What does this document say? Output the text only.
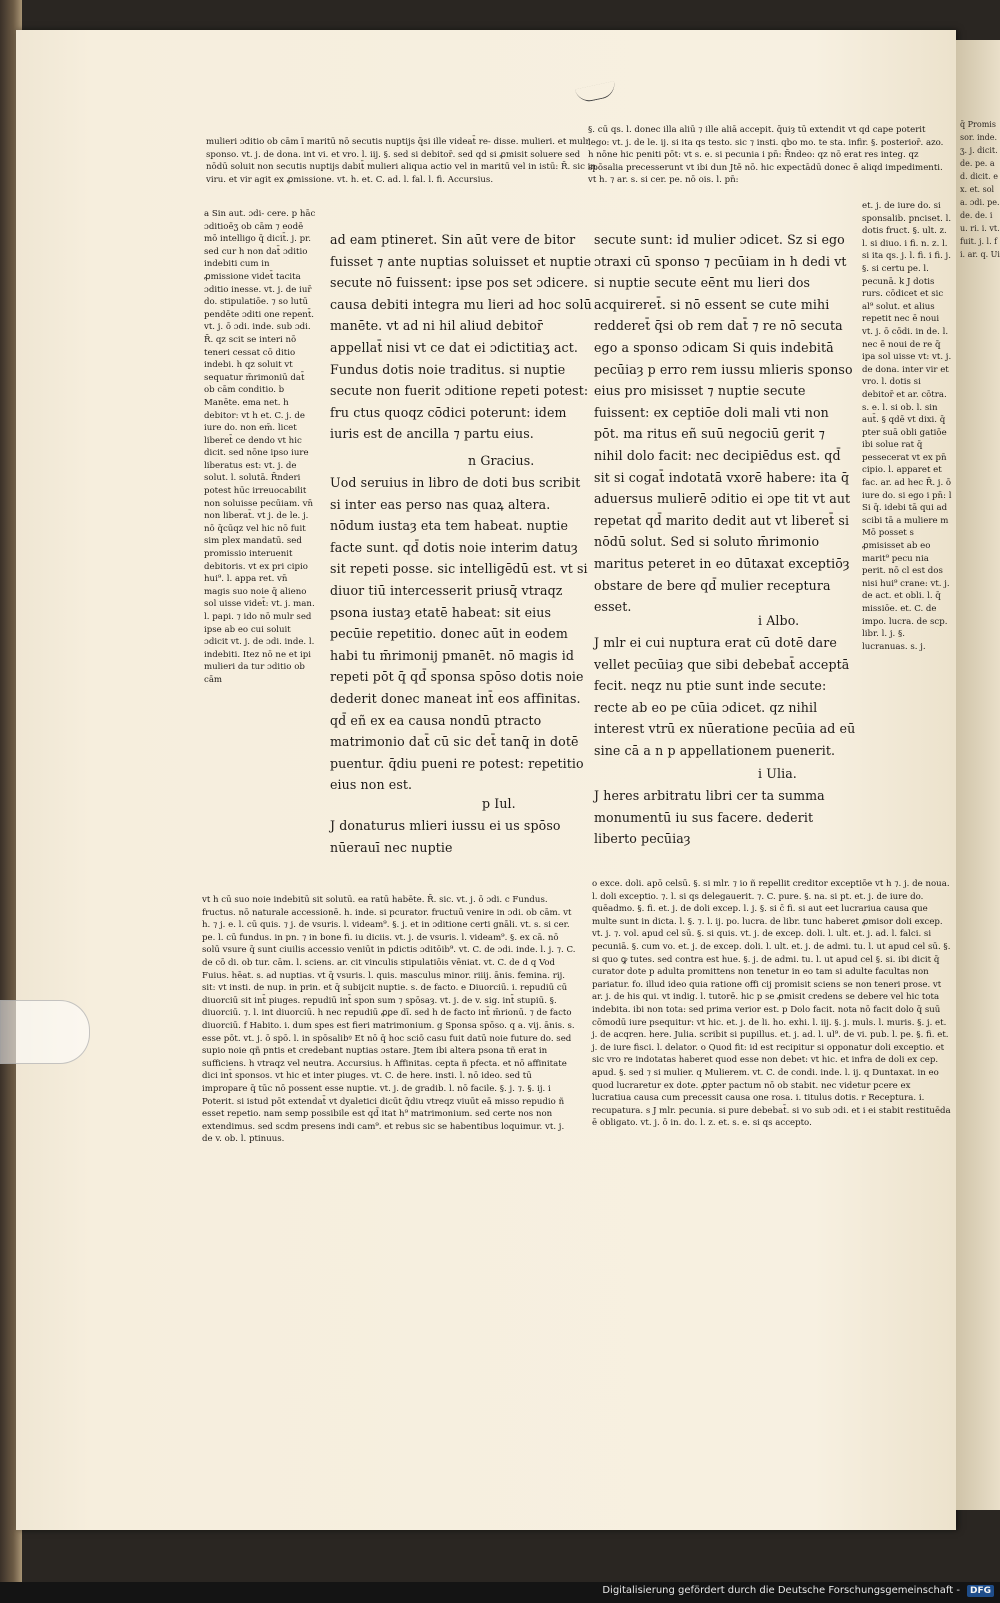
mulieri ɔditio ob cām ī maritū nō secutis nuptijs q̄si ille videat̄ re- disse. mulieri. et mulr sponso. vt. j. de dona. int vi. et vro. l. iij. §. sed si debitor̄. sed qd si ꝓmisit soluere sed nōdū soluit non secutis nuptijs dabit̄ mulieri aliqua actio vel in maritū vel in istū: R̄. sic in viru. et vir agit ex ꝓmissione. vt. h. et. C. ad. l. fal. l. fi. Accursius.

a Sin aut. ɔdi- cere. p hāc ɔditioēʒ ob cām ⁊ eodē mō intelligo q̄ dicit̄. j. pr. sed cur h non dat̄ ɔditio indebiti cum in ꝓmissione videt̄ tacita ɔditio inesse. vt. j. de iur̄ do. stipulatiōe. ⁊ so lutū pendēte ɔditi one repent̄. vt. j. ō ɔdi. inde. sub ɔdi. R̄. qz scit se interi nō teneri cessat cō ditio indebi. h qz soluit vt sequatur m̄rimoniū dat̄ ob cām conditio. b Manēte. ema net. h debitor: vt h et. C. j. de iure do. non em̄. licet liberet̄ ce dendo vt hic dicit. sed nōne ipso iure liberatus est: vt. j. de solut. l. solutā. R̄nderi potest hūc irreuocabilit non soluisse pecūiam. vn̄ non liberat̄. vt j. de le. j. nō q̄cūqz vel hic nō fuit sim plex mandatū. sed promissio interuenit debitoris. vt ex pri cipio hui⁹. l. appa ret. vn̄ magis suo noie q̄ alieno sol uisse videt̄: vt. j. man. l. papi. ⁊ ido nō mulr sed ipse ab eo cui soluit ɔdicit vt. j. de ɔdi. inde. l. indebiti. Itez nō ne et ipi mulieri da tur ɔditio ob cām

ad eam ptineret. Sin aūt vere de bitor fuisset ⁊ ante nuptias soluisset et nuptie secute nō fuissent: ipse pos set ɔdicere. causa debiti integra mu lieri ad hoc solū manēte. vt ad ni hil aliud debitor̄ appellat̄ nisi vt ce dat ei ɔdictitiaʒ act. Fundus dotis noie traditus. si nuptie secute non fuerit ɔditione repeti potest: fru ctus quoqz cōdici poterunt: idem iuris est de ancilla ⁊ partu eius.

n Gracius.

Uod seruius in libro de doti bus scribit si inter eas perso nas quaꝝ altera. nōdum iustaȝ eta tem habeat. nuptie facte sunt. qd̄ dotis noie interim datuȝ sit repeti posse. sic intelligēdū est. vt si diuor tiū intercesserit priusq̄ vtraqz psona iustaȝ etatē habeat: sit eius pecūie repetitio. donec aūt in eodem habi tu m̄rimonij pmanēt. nō magis id repeti pōt q̄ qd̄ sponsa spōso dotis noie dederit donec maneat int̄ eos affinitas. qd̄ eñ ex ea causa nondū ptracto matrimonio dat̄ cū sic det̄ tanq̄ in dotē puentur. q̄diu pueni re potest: repetitio eius non est.

p Iul.

J donaturus mlieri iussu ei us spōso nūerauī nec nuptie

§. cū qs. l. donec illa aliū ⁊ ille aliā accepit. q̄uiȝ tū extendit vt qd cape poterit lego: vt. j. de le. ij. si ita qs testo. sic ⁊ insti. qbo mo. te sta. infir. §. posterior̄. azo. h nōne hic peniti pōt: vt s. e. si pecunia i pn̄: R̄ndeo: qz nō erat res integ. qz spōsalia precesserunt vt ibi dun Jtē nō. hic expectādū donec ē aliqd impedimenti. vt h. ⁊ ar. s. si cer. pe. nō ois. l. pn̄:

secute sunt: id mulier ɔdicet. Sz si ego ɔtraxi cū sponso ⁊ pecūiam in h dedi vt si nuptie secute eēnt mu lieri dos acquireret̄. si nō essent se cute mihi redderet̄ q̄si ob rem dat̄ ⁊ re nō secuta ego a sponso ɔdicam Si quis indebitā pecūiaȝ p erro rem iussu mlieris sponso eius pro misisset ⁊ nuptie secute fuissent: ex ceptiōe doli mali vti non pōt. ma ritus eñ suū negociū gerit ⁊ nihil dolo facit: nec decipiēdus est. qd̄ sit si cogat̄ indotatā vxorē habere: ita q̄ aduersus mulierē ɔditio ei ɔpe tit vt aut repetat qd̄ marito dedit aut vt liberet̄ si nōdū solut. Sed si soluto m̄rimonio maritus peteret in eo dūtaxat exceptiōȝ obstare de bere qd̄ mulier receptura esset.

i Albo.

J mlr ei cui nuptura erat cū dotē dare vellet pecūiaȝ que sibi debebat̄ acceptā fecit. neqz nu ptie sunt inde secute: recte ab eo pe cūia ɔdicet. qz nihil interest vtrū ex nūeratione pecūia ad eū sine cā a n p appellationem puenerit.

i Ulia.

J heres arbitratu libri cer ta summa monumentū iu sus facere. dederit liberto pecūiaȝ

et. j. de iure do. si sponsalib. pnciset. l. dotis fruct. §. ult. z. l. si diuo. i fi. n. z. l. si ita qs. j. l. fi. i fi. j. §. si certu pe. l. pecunā. k J dotis rurs. cōdicet et sic al⁹ solut. et alius repetit nec ē noui vt. j. ō cōdi. in de. l. nec ē noui de re q̄ ipa sol uisse vt: vt. j. de dona. inter vir et vro. l. dotis si debitor̄ et ar. cōtra. s. e. l. si ob. l. sin aut̄. § qdē vt dixi. q̄ pter suā obli gatiōe ibi solue rat q̄ pessecerat vt ex pn̄ cipio. l. apparet et fac. ar. ad hec R̄. j. ō iure do. si ego i pn̄: l Si q̄. idebi tā qui ad scibi tā a muliere m Mō posset s ꝓmisisset ab eo marit⁹ pecu nia perit. nō cl est dos nisi hui⁹ crane: vt. j. de act. et obli. l. q̄ missiōe. et. C. de impo. lucra. de scp. libr. l. j. §. lucranuas. s. j.

vt h cū suo noie indebitū sit solutū. ea ratū habēte. R̄. sic. vt. j. ō ɔdi. c Fundus. fructus. nō naturale accessionē. h. inde. si pcurator. fructuū venire in ɔdi. ob cām. vt h. ⁊ j. e. l. cū quis. ⁊ j. de vsuris. l. videam⁹. §. j. et in ɔditione certi gnāli. vt. s. si cer. pe. l. cū fundus. in pn. ⁊ in bone fi. iu diciis. vt. j. de vsuris. l. videam⁹. §. ex cā. nō solū vsure q̄ sunt ciuilis accessio veniūt in pdictis ɔditōib⁹. vt. C. de ɔdi. inde. l. j. ⁊. C. de cō di. ob tur. cām. l. sciens. ar. cit vinculis stipulatiōis vēniat. vt. C. de d q Vod Fuius. hēat. s. ad nuptias. vt q̄ vsuris. l. quis. masculus minor. riiij. ānis. femina. rij. sit: vt insti. de nup. in prin. et q̄ subijcit nuptie. s. de facto. e Diuorciū. i. repudiū cū diuorciū sit int̄ piuges. repudiū int̄ spon sum ⁊ spōsaȝ. vt. j. de v. sig. int̄ stupiū. §. diuorciū. ⁊. l. int diuorciū. h nec repudiū ꝓꝑe dī. sed h de facto int̄ m̄rionū. ⁊ de facto diuorciū. f Habito. i. dum spes est fieri matrimonium. g Sponsa spōso. q a. vij. ānis. s. esse pōt. vt. j. ō spō. l. in spōsalibꝰ Et nō q̄ hoc sciō casu fuit datū noie future do. sed supio noie qñ pntis et credebant nuptias ɔstare. Jtem ibi altera psona tñ erat in sufficiens. h vtraqz vel neutra. Accursius. h Affinitas. cepta ñ pfecta. et nō affinitate dici int̄ sponsos. vt hic et inter piuges. vt. C. de here. insti. l. nō ideo. sed tū impropare q̄ tūc nō possent esse nuptie. vt. j. de gradib. l. nō facile. §. j. ⁊. §. ij. i Poterit. si istud pōt extendat̄ vt dyaletici dicūt q̄diu vtreqz viuūt eā misso repudio ñ esset repetio. nam semp possibile est qd̄ itat h⁹ matrimonium. sed certe nos non extendimus. sed scdm presens indi cam⁹. et rebus sic se habentibus loquimur. vt. j. de v. ob. l. ptinuus.

o exce. doli. apō celsū. §. si mlr. ⁊ io ñ repellit creditor exceptiōe vt h ⁊. j. de noua. l. doli exceptio. ⁊. l. si qs delegauerit. ⁊. C. pure. §. na. si pt. et. j. de iure do. quēadmo. §. fi. et. j. de doli excep. l. j. §. si c̄ fi. si aut eet lucrariua causa que multe sunt in dicta. l. §. ⁊. l. ij. po. lucra. de libr. tunc haberet ꝓmisor doli excep. vt. j. ⁊. vol. apud cel sū. §. si quis. vt. j. de excep. doli. l. ult. et. j. ad. l. falci. si pecuniā. §. cum vo. et. j. de excep. doli. l. ult. et. j. de admi. tu. l. ut apud cel sū. §. si quo ꝙ tutes. sed contra est hue. §. j. de admi. tu. l. ut apud cel §. si. ibi dicit q̄ curator dote p adulta promittens non tenetur in eo tam si adulte facultas non pariatur. fo. illud ideo quia ratione offi cij promisit sciens se non teneri prose. vt ar. j. de his qui. vt indig. l. tutorē. hic p se ꝓmisit credens se debere vel hic tota indebita. ibi non tota: sed prima verior est. p Dolo facit. nota nō facit dolo q̄ suū cōmodū iure psequitur: vt hic. et. j. de li. ho. exhi. l. iij. §. j. muls. l. muris. §. j. et. j. de acqren. here. Julia. scribit si pupillus. et. j. ad. l. ul⁹. de vi. pub. l. pe. §. fi. et. j. de iure fisci. l. delator. o Quod fit: id est recipitur si opponatur doli exceptio. et sic vro re indotatas haberet quod esse non debet: vt hic. et infra de doli ex cep. apud. §. sed ⁊ si mulier. q Mulierem. vt. C. de condi. inde. l. ij. q Duntaxat. in eo quod lucraretur ex dote. ꝓpter pactum nō ob stabit. nec videtur pcere ex lucratiua causa cum precessit causa one rosa. i. titulus dotis. r Receptura. i. recupatura. s J mlr. pecunia. si pure debebat̄. si vo sub ɔdi. et i ei stabit restituēda ē obligato. vt. j. ō in. do. l. z. et. s. e. si qs accepto.

q̄ Promissor. inde. ʒ. j. dicit. de. pe. ad. dicit. ex. et. sola. ɔdi. pe. de. de. iu. ri. i. vt. fuit. j. l. fi. ar. q. Ui

Digitalisierung gefördert durch die Deutsche Forschungsgemeinschaft -	DFG
